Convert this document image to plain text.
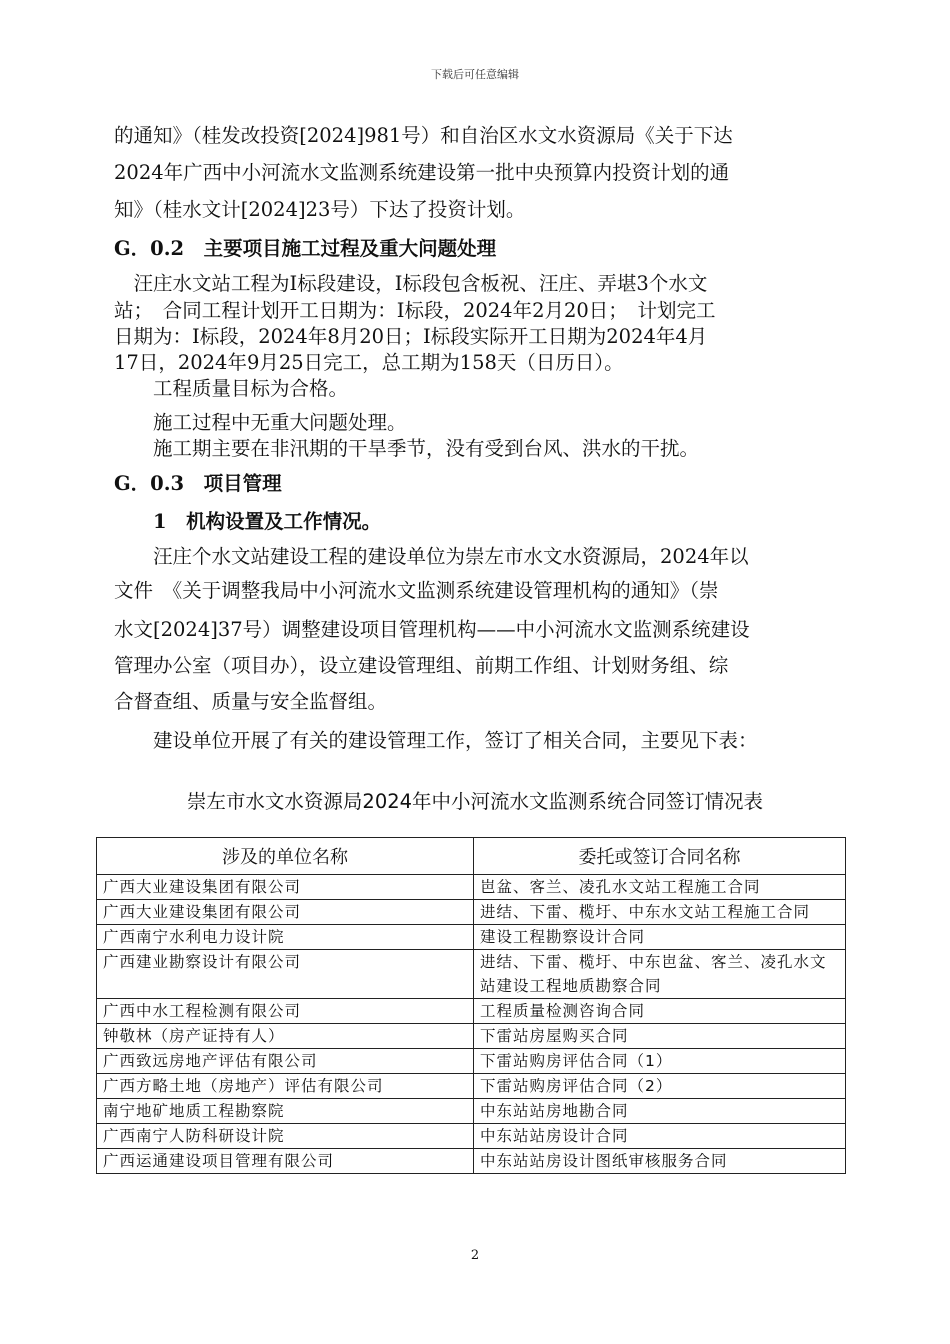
下载后可任意编辑

的通知》（桂发改投资[2024]981号）和自治区水文水资源局《关于下达

2024年广西中小河流水文监测系统建设第一批中央预算内投资计划的通

知》（桂水文计[2024]23号）下达了投资计划。

G．0.2　主要项目施工过程及重大问题处理

　汪庄水文站工程为Ⅰ标段建设，Ⅰ标段包含板祝、汪庄、弄堪3个水文

站；　合同工程计划开工日期为：Ⅰ标段，2024年2月20日；　计划完工

日期为：Ⅰ标段，2024年8月20日；Ⅰ标段实际开工日期为2024年4月

17日，2024年9月25日完工，总工期为158天（日历日）。

　　工程质量目标为合格。

　　施工过程中无重大问题处理。

　　施工期主要在非汛期的干旱季节，没有受到台风、洪水的干扰。

G．0.3　项目管理

　　1　机构设置及工作情况。

　　汪庄个水文站建设工程的建设单位为崇左市水文水资源局，2024年以

文件　《关于调整我局中小河流水文监测系统建设管理机构的通知》（崇

水文[2024]37号）调整建设项目管理机构——中小河流水文监测系统建设

管理办公室（项目办），设立建设管理组、前期工作组、计划财务组、综

合督查组、质量与安全监督组。

　　建设单位开展了有关的建设管理工作，签订了相关合同，主要见下表：

崇左市水文水资源局2024年中小河流水文监测系统合同签订情况表
涉及的单位名称	委托或签订合同名称
广西大业建设集团有限公司	岜盆、客兰、凌孔水文站工程施工合同
广西大业建设集团有限公司	进结、下雷、榄圩、中东水文站工程施工合同
广西南宁水利电力设计院	建设工程勘察设计合同
广西建业勘察设计有限公司	进结、下雷、榄圩、中东岜盆、客兰、凌孔水文站建设工程地质勘察合同
广西中水工程检测有限公司	工程质量检测咨询合同
钟敬林（房产证持有人）	下雷站房屋购买合同
广西致远房地产评估有限公司	下雷站购房评估合同（1）
广西方略土地（房地产）评估有限公司	下雷站购房评估合同（2）
南宁地矿地质工程勘察院	中东站站房地勘合同
广西南宁人防科研设计院	中东站站房设计合同
广西运通建设项目管理有限公司	中东站站房设计图纸审核服务合同
2
